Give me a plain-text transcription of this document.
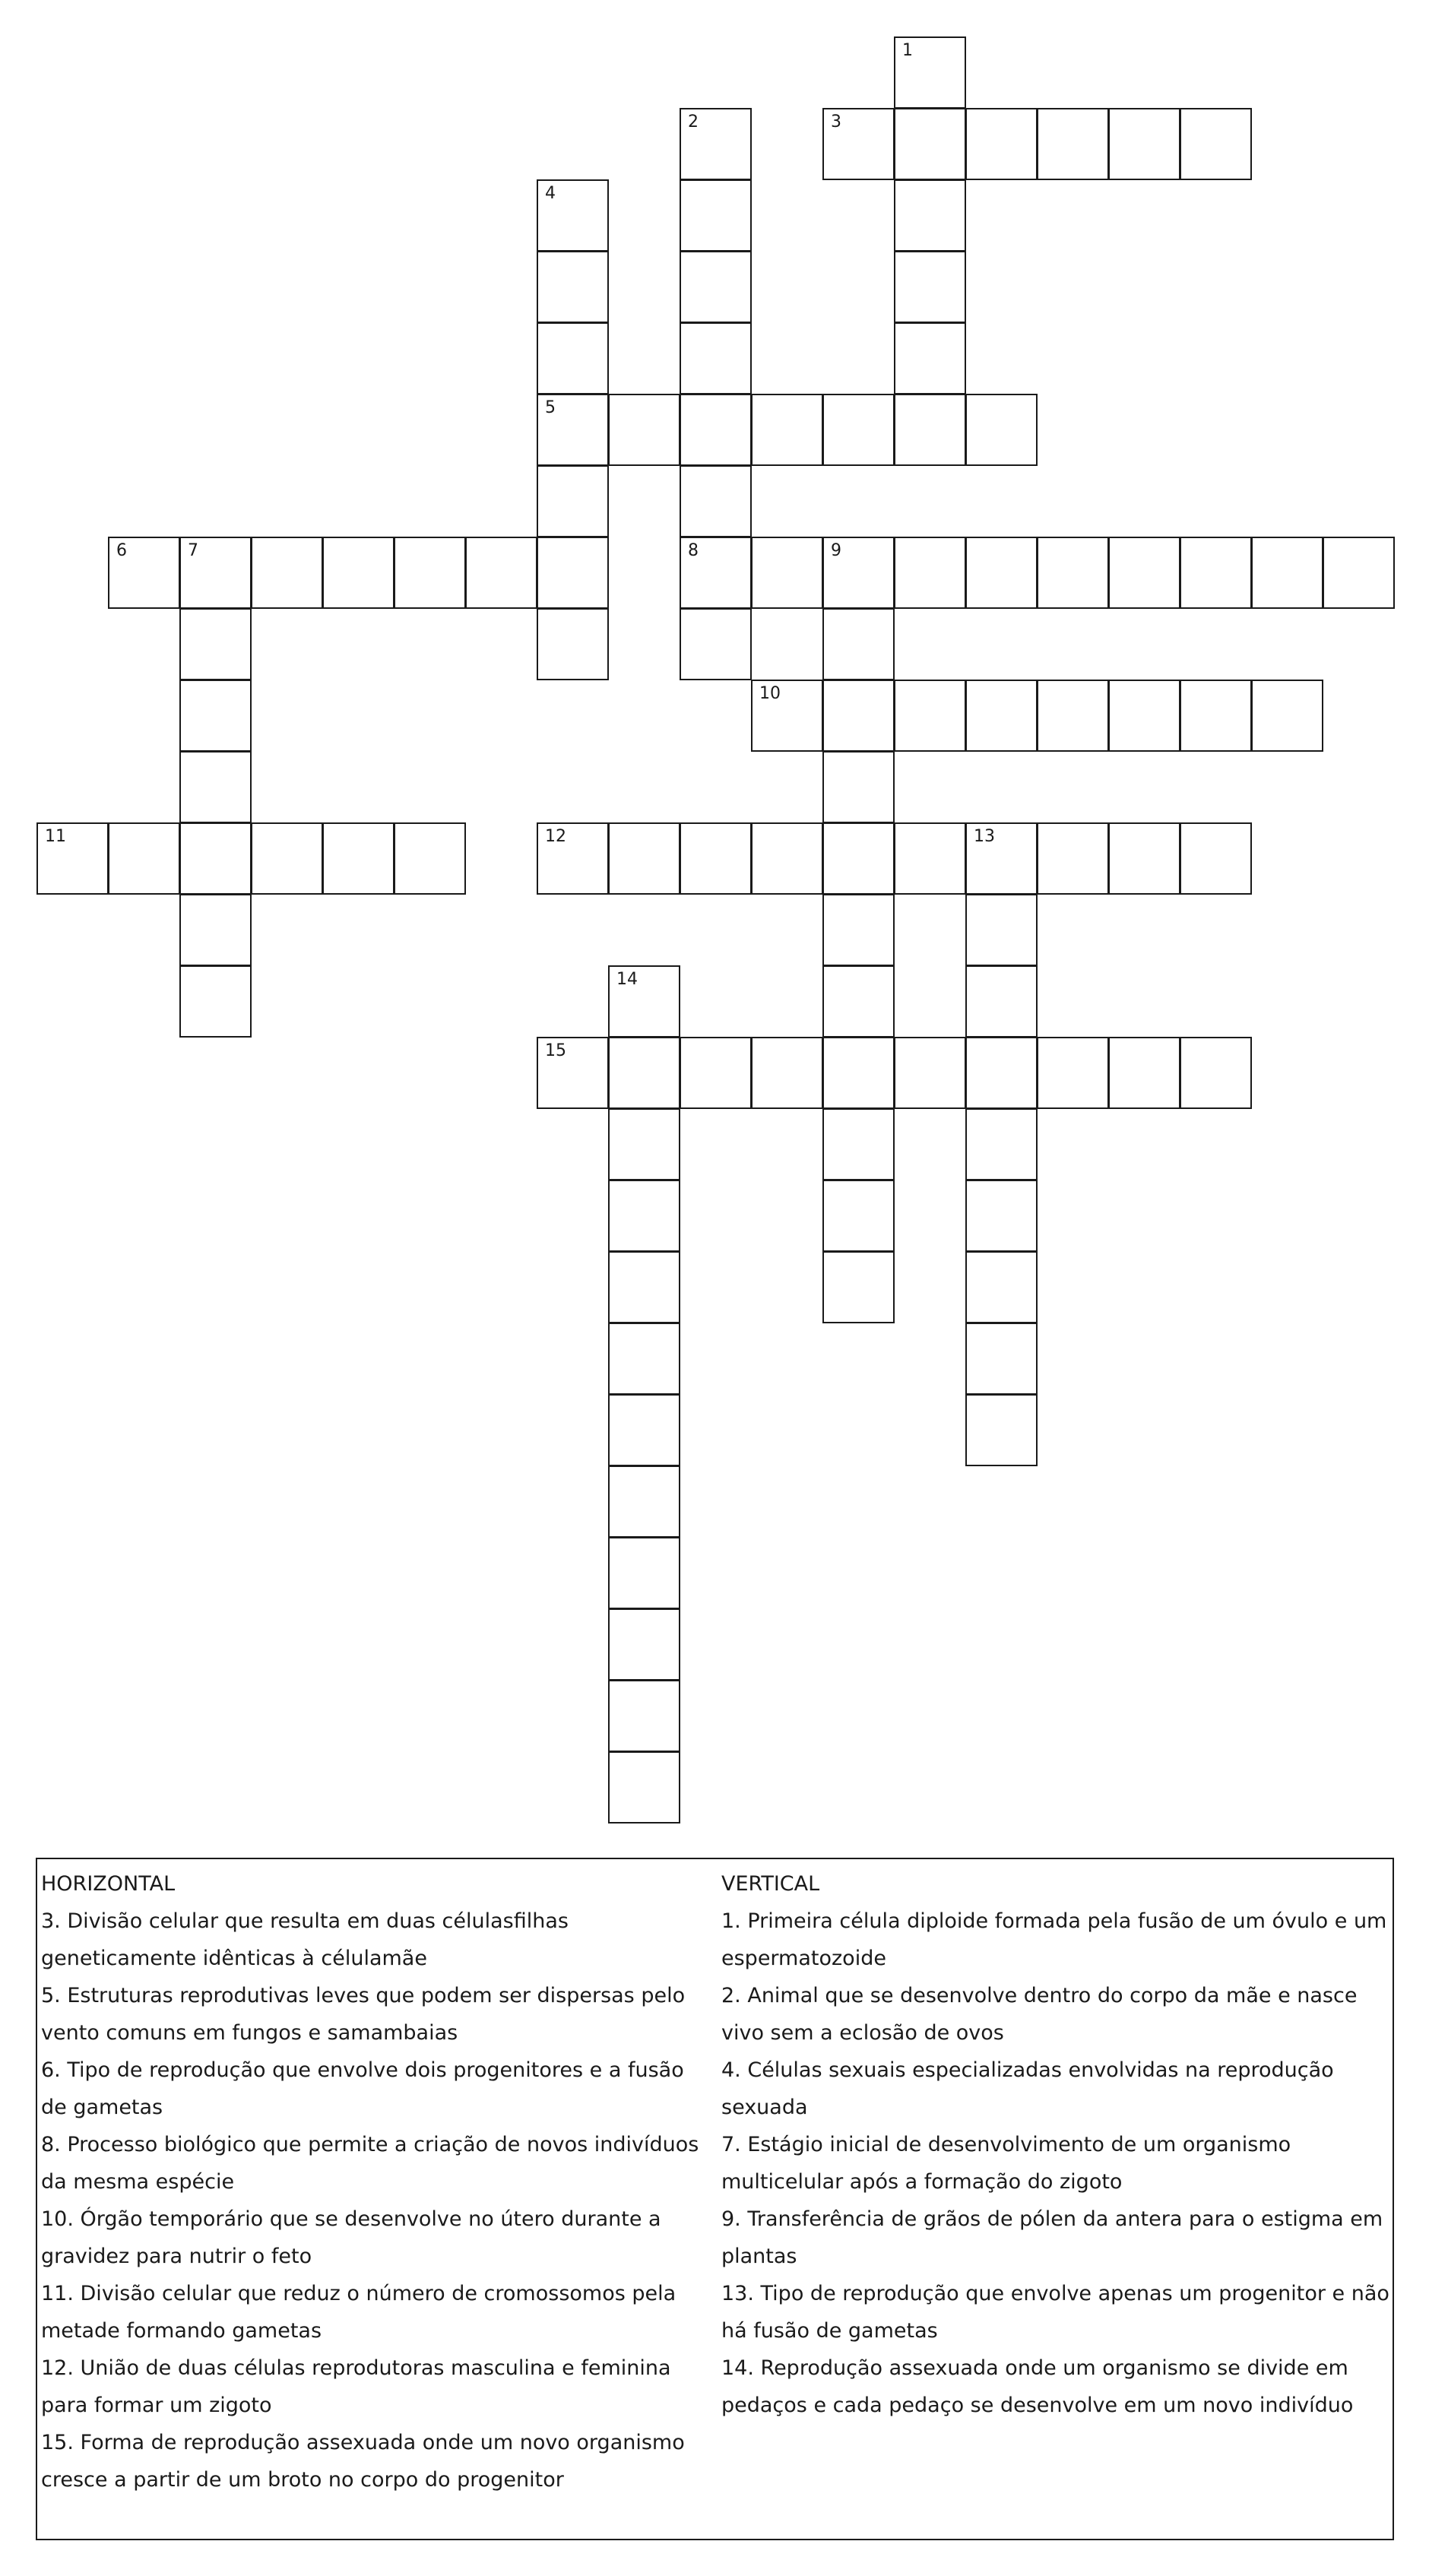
3
5
6	7	8	9
10
11	12	13
15
1
2
4
14
HORIZONTAL
3. Divisão celular que resulta em duas célulasfilhas geneticamente idênticas à célulamãe
5. Estruturas reprodutivas leves que podem ser dispersas pelo vento comuns em fungos e samambaias
6. Tipo de reprodução que envolve dois progenitores e a fusão de gametas
8. Processo biológico que permite a criação de novos indivíduos da mesma espécie
10. Órgão temporário que se desenvolve no útero durante a gravidez para nutrir o feto
11. Divisão celular que reduz o número de cromossomos pela metade formando gametas
12. União de duas células reprodutoras masculina e feminina para formar um zigoto
15. Forma de reprodução assexuada onde um novo organismo cresce a partir de um broto no corpo do progenitor
VERTICAL
1. Primeira célula diploide formada pela fusão de um óvulo e um espermatozoide
2. Animal que se desenvolve dentro do corpo da mãe e nasce vivo sem a eclosão de ovos
4. Células sexuais especializadas envolvidas na reprodução sexuada
7. Estágio inicial de desenvolvimento de um organismo multicelular após a formação do zigoto
9. Transferência de grãos de pólen da antera para o estigma em plantas
13. Tipo de reprodução que envolve apenas um progenitor e não há fusão de gametas
14. Reprodução assexuada onde um organismo se divide em pedaços e cada pedaço se desenvolve em um novo indivíduo
